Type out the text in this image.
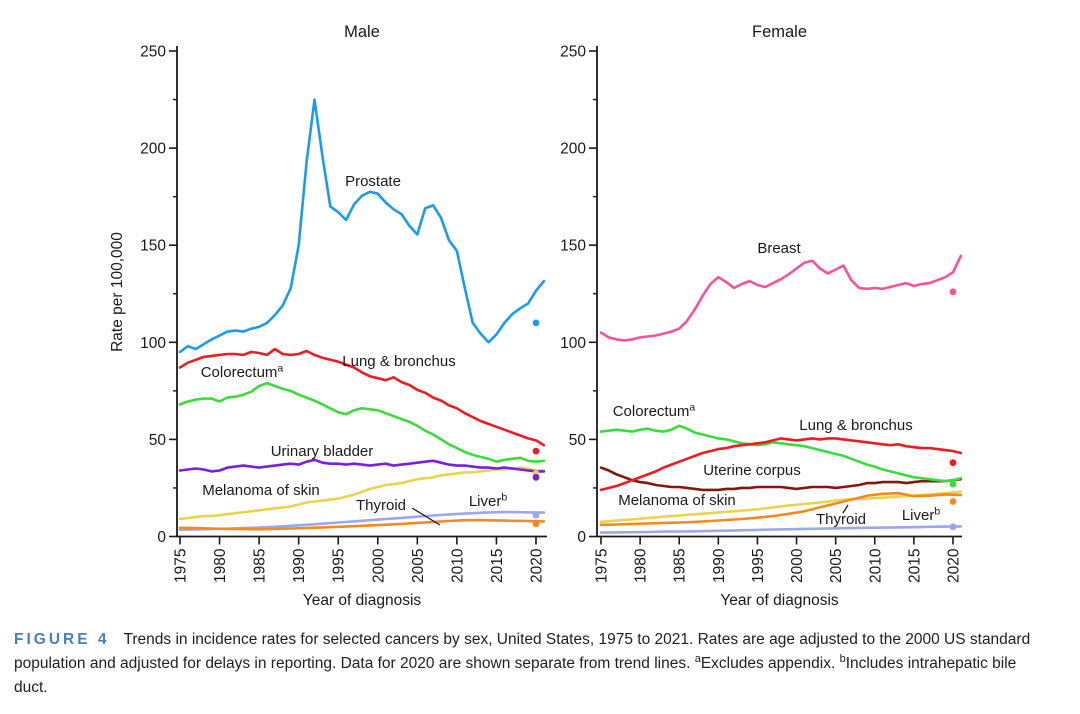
Male
0
50
100
150
200
250
1975 1980 1985 1990 1995 2000 2005 2010 2015 2020
Year of diagnosis
Rate per 100,000
Prostate
Lung & bronchus
Colorectum$^a$
Melanoma of skin
Urinary bladder
Liver$^b$
Thyroid
Female
0
50
100
150
200
250
1975 1980 1985 1990 1995 2000 2005 2010 2015 2020
Year of diagnosis
Breast
Uterine corpus
Colorectum$^a$
Lung & bronchus
Melanoma of skin
Thyroid Liver$^b$
FIGURE 4 Trends in incidence rates for selected cancers by sex, United States, 1975 to 2021. Rates are age adjusted to the 2000 US standard population and adjusted for delays in reporting. Data for 2020 are shown separate from trend lines. $^a$Excludes appendix. $^b$Includes intrahepatic bile duct.
